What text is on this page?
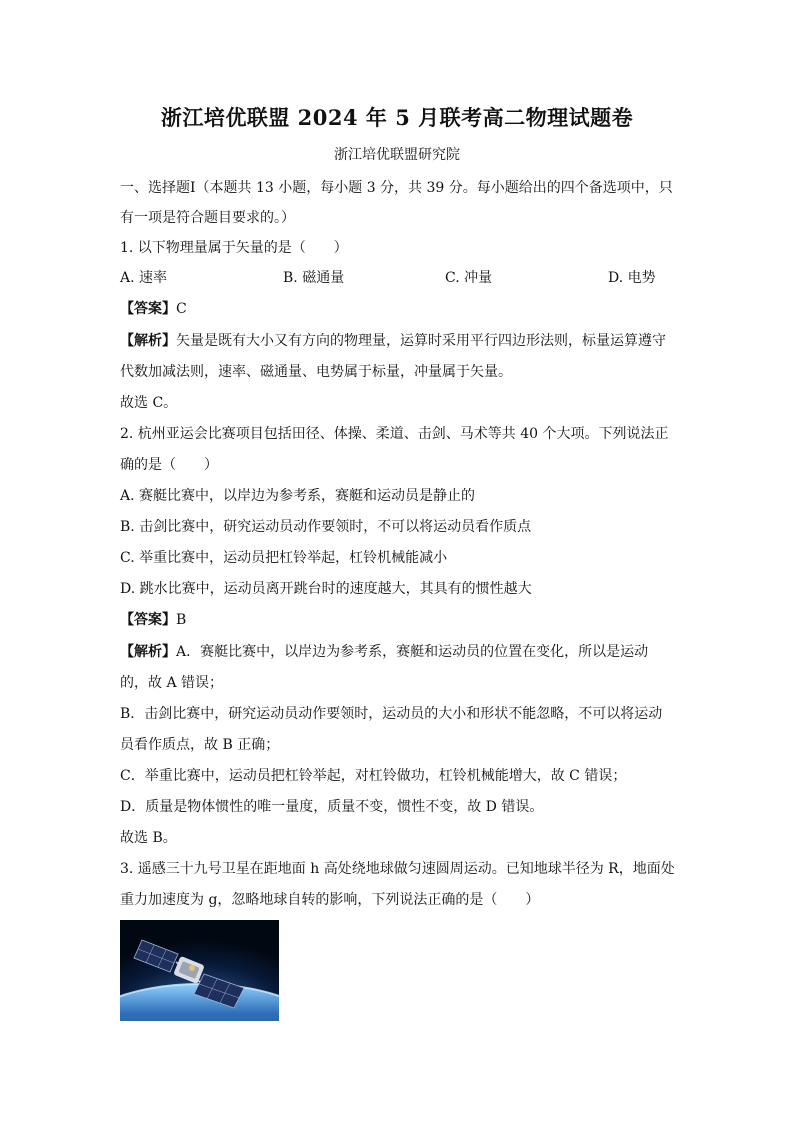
浙江培优联盟 2024 年 5 月联考高二物理试题卷
浙江培优联盟研究院
一、选择题Ⅰ（本题共 13 小题，每小题 3 分，共 39 分。每小题给出的四个备选项中，只
有一项是符合题目要求的。）
1. 以下物理量属于矢量的是（　　）
A. 速率	B. 磁通量	C. 冲量	D. 电势
【答案】C
【解析】矢量是既有大小又有方向的物理量，运算时采用平行四边形法则，标量运算遵守
代数加减法则，速率、磁通量、电势属于标量，冲量属于矢量。
故选 C。
2. 杭州亚运会比赛项目包括田径、体操、柔道、击剑、马术等共 40 个大项。下列说法正
确的是（　　）
A. 赛艇比赛中，以岸边为参考系，赛艇和运动员是静止的
B. 击剑比赛中，研究运动员动作要领时，不可以将运动员看作质点
C. 举重比赛中，运动员把杠铃举起，杠铃机械能减小
D. 跳水比赛中，运动员离开跳台时的速度越大，其具有的惯性越大
【答案】B
【解析】A．赛艇比赛中，以岸边为参考系，赛艇和运动员的位置在变化，所以是运动
的，故 A 错误；
B．击剑比赛中，研究运动员动作要领时，运动员的大小和形状不能忽略，不可以将运动
员看作质点，故 B 正确；
C．举重比赛中，运动员把杠铃举起，对杠铃做功，杠铃机械能增大，故 C 错误；
D．质量是物体惯性的唯一量度，质量不变，惯性不变，故 D 错误。
故选 B。
3. 遥感三十九号卫星在距地面 h 高处绕地球做匀速圆周运动。已知地球半径为 R，地面处
重力加速度为 g，忽略地球自转的影响，下列说法正确的是（　　）
